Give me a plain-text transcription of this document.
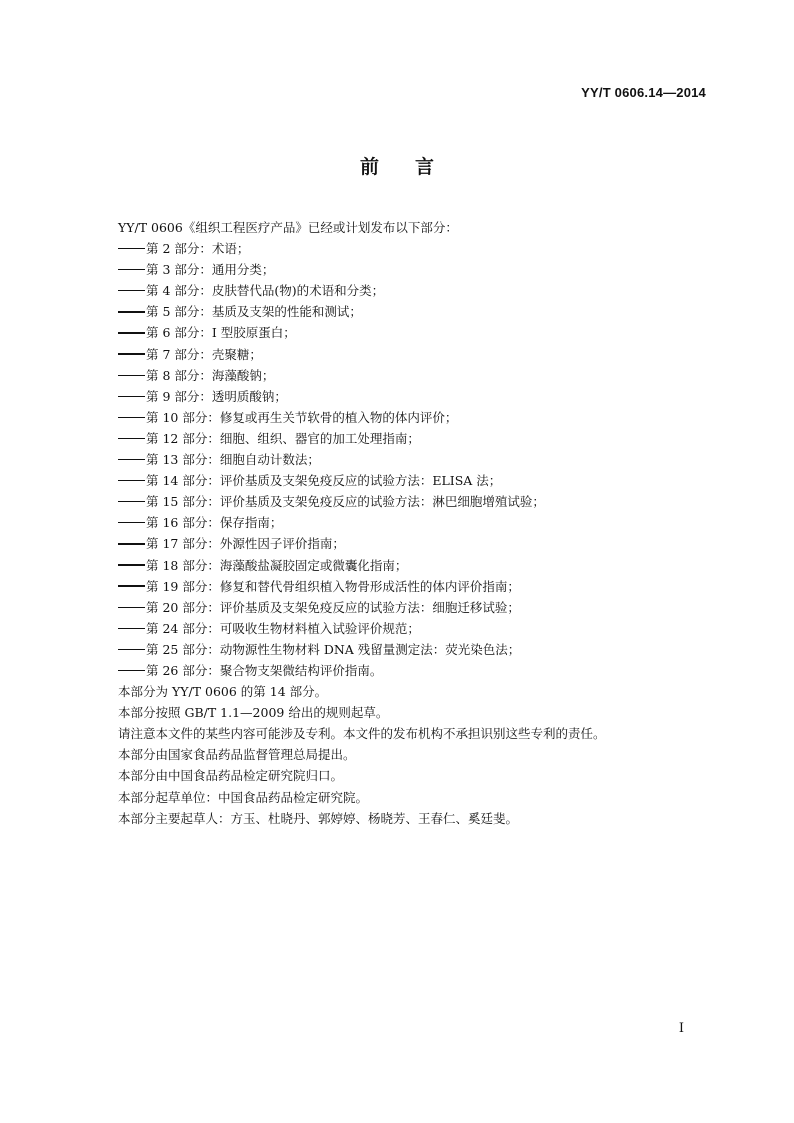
YY/T 0606.14—2014
前言
YY/T 0606《组织工程医疗产品》已经或计划发布以下部分：
第 2 部分：术语；
第 3 部分：通用分类；
第 4 部分：皮肤替代品(物)的术语和分类；
第 5 部分：基质及支架的性能和测试；
第 6 部分：I 型胶原蛋白；
第 7 部分：壳聚糖；
第 8 部分：海藻酸钠；
第 9 部分：透明质酸钠；
第 10 部分：修复或再生关节软骨的植入物的体内评价；
第 12 部分：细胞、组织、器官的加工处理指南；
第 13 部分：细胞自动计数法；
第 14 部分：评价基质及支架免疫反应的试验方法：ELISA 法；
第 15 部分：评价基质及支架免疫反应的试验方法：淋巴细胞增殖试验；
第 16 部分：保存指南；
第 17 部分：外源性因子评价指南；
第 18 部分：海藻酸盐凝胶固定或微囊化指南；
第 19 部分：修复和替代骨组织植入物骨形成活性的体内评价指南；
第 20 部分：评价基质及支架免疫反应的试验方法：细胞迁移试验；
第 24 部分：可吸收生物材料植入试验评价规范；
第 25 部分：动物源性生物材料 DNA 残留量测定法：荧光染色法；
第 26 部分：聚合物支架微结构评价指南。
本部分为 YY/T 0606 的第 14 部分。
本部分按照 GB/T 1.1—2009 给出的规则起草。
请注意本文件的某些内容可能涉及专利。本文件的发布机构不承担识别这些专利的责任。
本部分由国家食品药品监督管理总局提出。
本部分由中国食品药品检定研究院归口。
本部分起草单位：中国食品药品检定研究院。
本部分主要起草人：方玉、杜晓丹、郭婷婷、杨晓芳、王春仁、奚廷斐。
I
